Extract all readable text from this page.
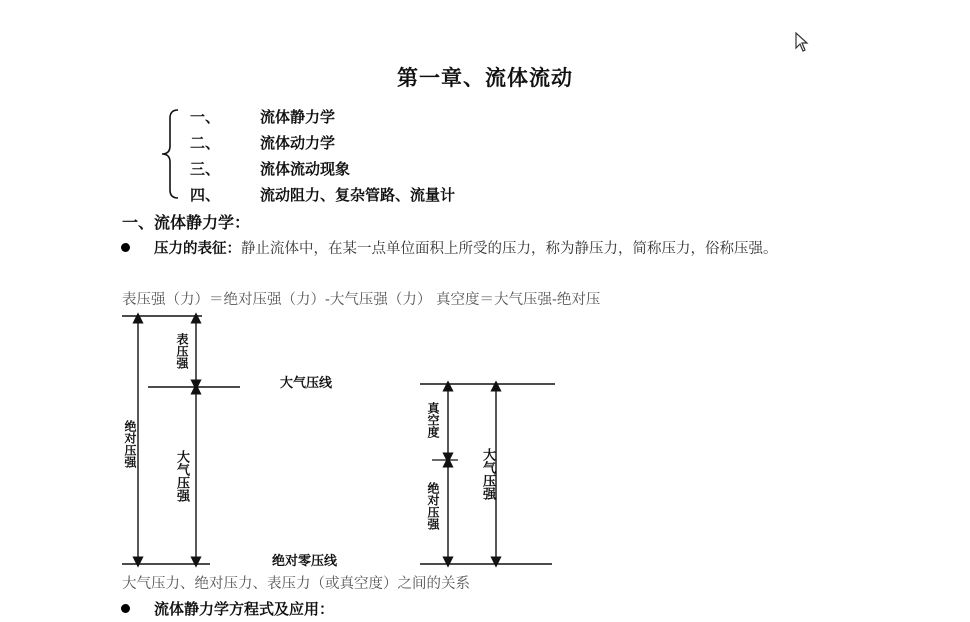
第一章、流体流动
一、	流体静力学
二、	流体动力学
三、	流体流动现象
四、	流动阻力、复杂管路、流量计
一、流体静力学：
压力的表征：静止流体中，在某一点单位面积上所受的压力，称为静压力，简称压力，俗称压强。
表压强（力）＝绝对压强（力）-大气压强（力） 真空度＝大气压强-绝对压
表压强
绝对压强
大气压强
大气压线
绝对零压线
真空度
绝对压强
大气压强
大气压力、绝对压力、表压力（或真空度）之间的关系
流体静力学方程式及应用：
